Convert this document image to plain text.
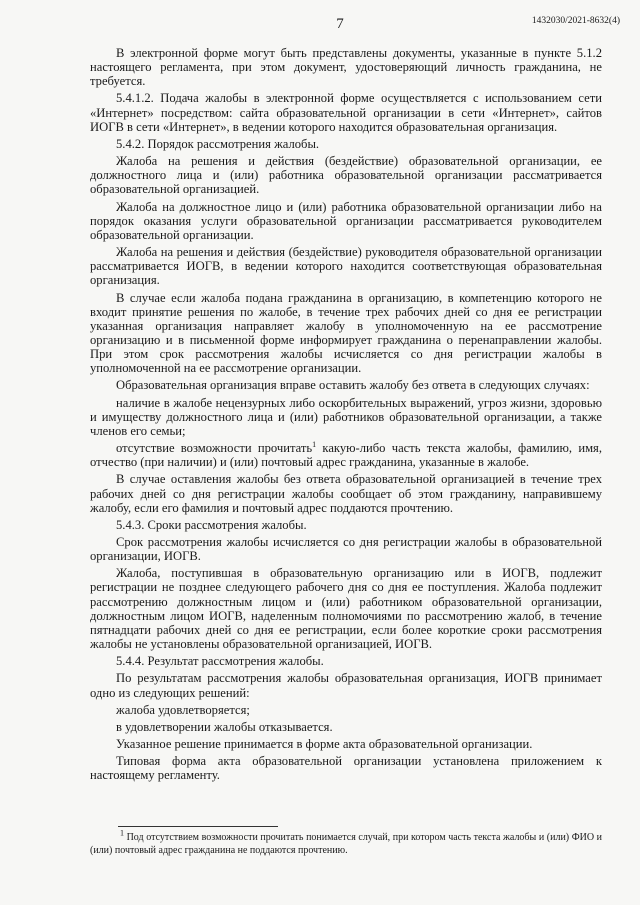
7	1432030/2021-8632(4)

В электронной форме могут быть представлены документы, указанные в пункте 5.1.2 настоящего регламента, при этом документ, удостоверяющий личность гражданина, не требуется.

5.4.1.2. Подача жалобы в электронной форме осуществляется с использованием сети «Интернет» посредством: сайта образовательной организации в сети «Интернет», сайтов ИОГВ в сети «Интернет», в ведении которого находится образовательная организация.

5.4.2. Порядок рассмотрения жалобы.

Жалоба на решения и действия (бездействие) образовательной организации, ее должностного лица и (или) работника образовательной организации рассматривается образовательной организацией.

Жалоба на должностное лицо и (или) работника образовательной организации либо на порядок оказания услуги образовательной организации рассматривается руководителем образовательной организации.

Жалоба на решения и действия (бездействие) руководителя образовательной организации рассматривается ИОГВ, в ведении которого находится соответствующая образовательная организация.

В случае если жалоба подана гражданина в организацию, в компетенцию которого не входит принятие решения по жалобе, в течение трех рабочих дней со дня ее регистрации указанная организация направляет жалобу в уполномоченную на ее рассмотрение организацию и в письменной форме информирует гражданина о перенаправлении жалобы. При этом срок рассмотрения жалобы исчисляется со дня регистрации жалобы в уполномоченной на ее рассмотрение организации.

Образовательная организация вправе оставить жалобу без ответа в следующих случаях:

наличие в жалобе нецензурных либо оскорбительных выражений, угроз жизни, здоровью и имуществу должностного лица и (или) работников образовательной организации, а также членов его семьи;

отсутствие возможности прочитать$^1$ какую-либо часть текста жалобы, фамилию, имя, отчество (при наличии) и (или) почтовый адрес гражданина, указанные в жалобе.

В случае оставления жалобы без ответа образовательной организацией в течение трех рабочих дней со дня регистрации жалобы сообщает об этом гражданину, направившему жалобу, если его фамилия и почтовый адрес поддаются прочтению.

5.4.3. Сроки рассмотрения жалобы.

Срок рассмотрения жалобы исчисляется со дня регистрации жалобы в образовательной организации, ИОГВ.

Жалоба, поступившая в образовательную организацию или в ИОГВ, подлежит регистрации не позднее следующего рабочего дня со дня ее поступления. Жалоба подлежит рассмотрению должностным лицом и (или) работником образовательной организации, должностным лицом ИОГВ, наделенным полномочиями по рассмотрению жалоб, в течение пятнадцати рабочих дней со дня ее регистрации, если более короткие сроки рассмотрения жалобы не установлены образовательной организацией, ИОГВ.

5.4.4. Результат рассмотрения жалобы.

По результатам рассмотрения жалобы образовательная организация, ИОГВ принимает одно из следующих решений:

жалоба удовлетворяется;

в удовлетворении жалобы отказывается.

Указанное решение принимается в форме акта образовательной организации.

Типовая форма акта образовательной организации установлена приложением к настоящему регламенту.

$^1$ Под отсутствием возможности прочитать понимается случай, при котором часть текста жалобы и (или) ФИО и (или) почтовый адрес гражданина не поддаются прочтению.
